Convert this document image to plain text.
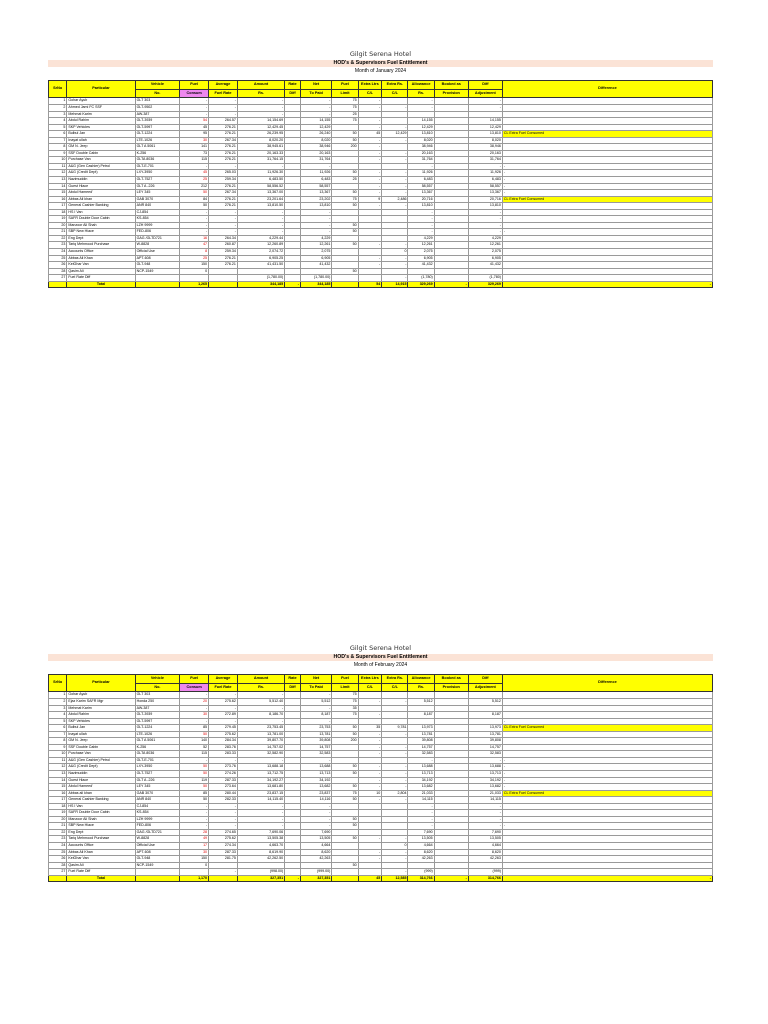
Gilgit Serena Hotel
HOD's & Supervisors Fuel Entitlement
Month of January 2024
SrNo	Particular	Vehicle	Fuel	Average	Amount	Rate	Net	Fuel	Extra Ltrs	Extra Rs.	Allowance	Booked as	Diff	Difference
		No.	Consum	Fuel Rate	Rs.	Diff	To Paid	Limit	C/L	C/L	Rs.	Provision	Adjustment	
1	Gohar Ayub	GLT 303	-	-	-		-	75	-		-		-	
2	Ahmed Jami FC SSF	GLT-9502	-	-	-		-	75	-	-	-		-	
3	Mehmat Karim	AW-387	-	-	-		-	25						
4	Abdul Rahim	GLT-3939	54	264.57	14,154.69		14,155	75	-		14,155		14,155	
5	SKP Vehicles	GLT-5997	45	276.21	12,429.45		12,429		-	-	12,429		12,429	
6	Bulbul Jan	GLT-1224	95	276.21	26,239.95		26,240	50	45	12,429	13,810		13,810	CL Extra Fuel Consumed
7	Inayat ullah	LTE-1026	30	267.34	8,020.20		8,020	50	-	-	8,020		8,020	
8	GM N. Jeep	GLT A 5061	141	276.21	38,945.61		38,946	200	-		38,946		38,946	
9	SSF Double Cabin	K-256	73	276.21	20,163.33		20,163		-	-	20,163		20,163	
10	Purchase Van	GLTA 8036	115	276.21	31,764.15		31,764		-	-	31,764		31,764	
11	A&G (Gen Cashier) Petrol	GLT-E-701	-	-	-		-				-		-	-
12	A&G (Credit Dept)	LXY-3950	45	265.03	11,926.30		11,926	50	-	-	11,926		11,926	-
13	Nazimuddin	GLT-7527	25	259.34	6,483.50		6,483	25	-	-	6,483		6,483	-
14	Guest Hiace	GLT A -226	212	276.21	58,556.52		58,557		-	-	58,557		58,557	-
15	Abdul Hameed'	LEY 345	50	267.34	13,367.00		13,367	50	-	-	13,367		13,367	-
16	Abbas Ali khan	GAB 3070	84	276.21	23,201.64		23,202	75	9	2,486	20,716		20,716	CL Extra Fuel Consumed
17	General Cashier Banking	ANR 840	50	276.21	13,810.50		13,810	50	-	-	13,810		13,810	
18	HS I Van	CJ-854	-	-	-		-				-		-	
19	SAFR Double Door Cabin	KS-854	-	-	-		-				-		-	
20	Manzoor Ali Shah	LZH 9999	-	-	-		-	50			-		-	
21	SBP New Hiace	FED-806	-	-	-		-	50			-		-	-
22	Eng Dept	GAG /GLTD721	16	264.34	4,229.44		4,229				4,229		4,229	
23	Tariq Mehmood Purchase	W-8828	47	260.87	12,260.89		12,261	50	-	-	12,261		12,261	
24	Accounts Office	Official Use	8	259.34	2,074.72		2,075			0	2,075		2,075	
25	Abbas Ali Khan	APT-608	25	276.21	6,905.25		6,905		-	-	6,905		6,905	
26	KeiGhar Van	GLT-948	150	276.21	41,431.50		41,432		-	-	41,432		41,432	
28	Qasim Ali	NCP-1549	0					50						
27	Fuel Rate Diff				(1,780.00)		(1,780.00)			-	(1,780)		(1,780)	
	Total		1,265		344,185	-	344,185		54	14,915	329,269	-	329,269	-
Gilgit Serena Hotel
HOD's & Supervisors Fuel Entitlement
Month of February 2024
SrNo	Particular	Vehicle	Fuel	Average	Amount	Rate	Net	Fuel	Extra Ltrs	Extra Rs.	Allowance	Booked as	Diff	Difference
		No.	Consum	Fuel Rate	Rs.	Diff	To Paid	Limit	C/L	C/L	Rs.	Provision	Adjustment	
1	Gohar Ayub	GLT 303	-	-	-		-	75						
2	Ejaz Karim SAFR Mgr	Honda 250	20	275.62	5,512.40		5,512	75	-	-	5,512		5,512	
3	Mehmat Karim	AW-387	-	-	-		-	35						
4	Abdul Rahim	GLT-3939	30	272.89	8,186.70		8,187	75	-		8,187		8,187	
5	SKP Vehicles	GLT-5997	-	-	-		-							-
6	Bulbul Jan	GLT-1224	85	279.45	23,753.45		23,753	50	35	9,781	13,973		13,973	CL Extra Fuel Consumed
7	Inayat ullah	LTE-1026	50	275.62	13,781.00		13,781	50	-	-	13,781		13,781	
8	GM N. Jeep	GLT A 5061	140	284.34	39,807.70		39,808	200	-		39,808		39,808	
9	SSF Double Cabin	K-256	52	283.76	14,757.02		14,757		-	-	14,757		14,757	
10	Purchase Van	GLTA 8036	115	283.33	32,582.90		32,583		-	-	32,583		32,583	
11	A&G (Gen Cashier) Petrol	GLT-E-701	-	-	-		-				-		-	-
12	A&G (Credit Dept)	LXY-3950	50	273.76	13,688.18		13,688	50	-	-	13,688		13,688	-
13	Nazimuddin	GLT-7527	50	274.26	13,712.75		13,713	50	-	-	13,713		13,713	-
14	Guest Hiace	GLT A -226	119	287.33	34,192.27		34,192		-	-	34,192		34,192	-
15	Abdul Hameed'	LEY 345	50	273.64	13,681.80		13,682	50	-	-	13,682		13,682	-
16	Abbas ali khan	GAB 3070	85	280.44	23,837.15		23,837	75	10	2,804	21,033		21,033	CL Extra Fuel Consumed
17	General Cashier Banking	ANR 840	50	282.33	14,115.40		14,116	50	-	-	14,115		14,115	
18	HS I Van	CJ-854	-	-	-		-				-		-	
19	SAFR Double Door Cabin	KS-854	-	-	-		-				-		-	
20	Manzoor Ali Shah	LZH 9999	-	-	-		-	50			-		-	
21	SBP New Hiace	FED-806	-	-	-		-	50			-		-	-
22	Eng Dept	GAG /GLTD721	28	274.65	7,690.06		7,690				7,690		7,690	
23	Tariq Mehmood Purchase	W-8828	49	275.62	13,505.38		13,505	50	-	-	13,505		13,505	
24	Accounts Office	Official Use	17	274.34	4,663.70		4,664			0	4,664		4,664	
25	Abbas Ali Khan	APT-608	30	287.33	8,619.90		8,620		-	-	8,620		8,620	
26	KeiGhar Van	GLT-948	150	281.75	42,262.50		42,263		-	-	42,263		42,263	
28	Qasim Ali	NCP-1549	0					50						
27	Fuel Rate Diff			-	(998.00)		(999.00)			-	(999)		(999)	
	Total		1,170		327,351	-	327,351		45	12,585	314,766	-	314,766	-
